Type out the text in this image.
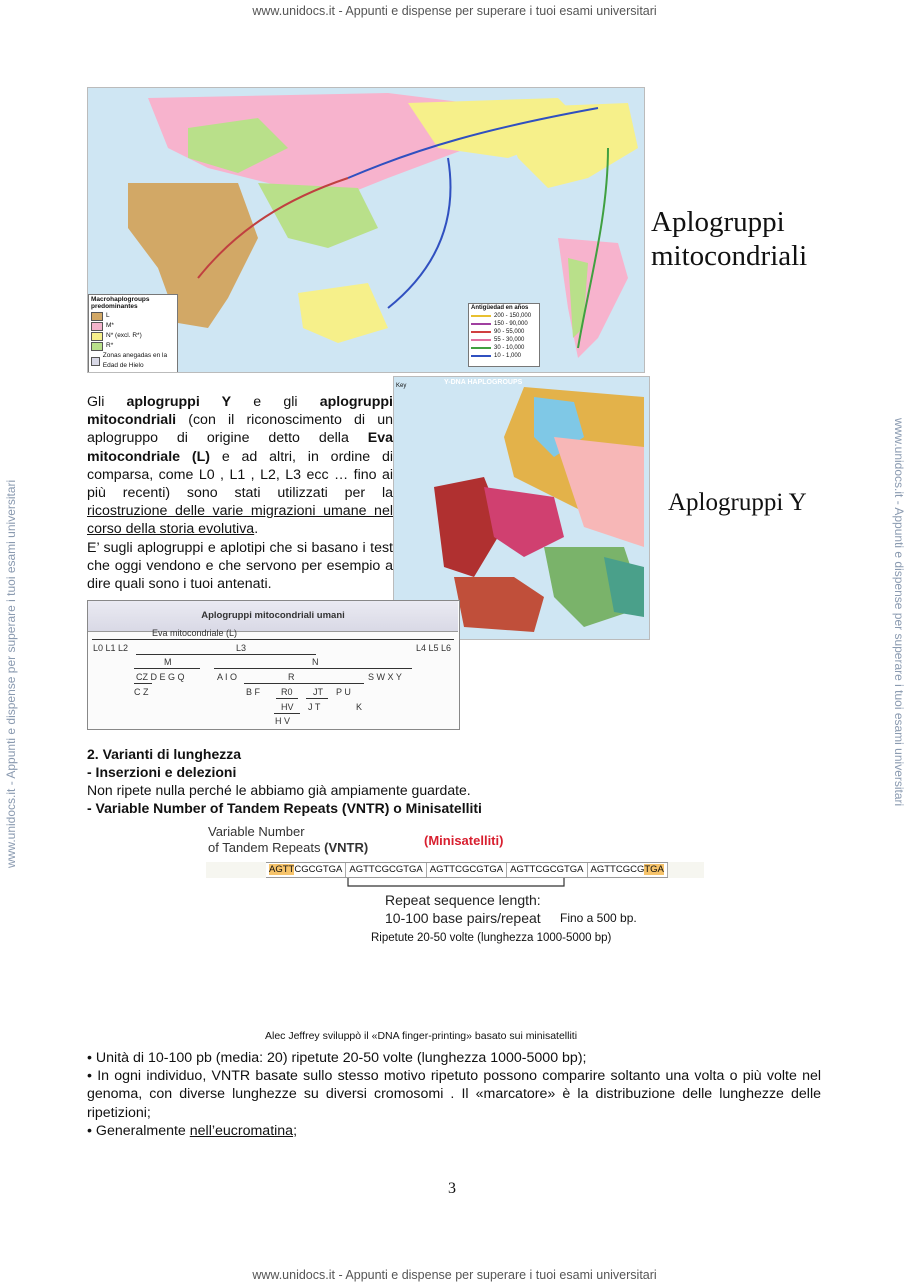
www.unidocs.it - Appunti e dispense per superare i tuoi esami universitari
www.unidocs.it - Appunti e dispense per superare i tuoi esami universitari
www.unidocs.it - Appunti e dispense per superare i tuoi esami universitari	www.unidocs.it - Appunti e dispense per superare i tuoi esami universitari
Macrohaplogroups predominantes
L
M*
N* (excl. R*)
R*
Zonas anegadas en la Edad de Hielo
Antigüedad en años
200 - 150,000
150 - 90,000
90 - 55,000
55 - 30,000
30 - 10,000
10 - 1,000
Aplogruppi mitocondriali
Y-DNA HAPLOGROUPS
Key
Aplogruppi Y
Gli aplogruppi Y e gli aplogruppi mitocondriali (con il riconoscimento di un aplogruppo di origine detto della Eva mitocondriale (L) e ad altri, in ordine di comparsa, come L0 , L1 , L2, L3 ecc … fino ai più recenti) sono stati utilizzati per la ricostruzione delle varie migrazioni umane nel corso della storia evolutiva.
E’ sugli aplogruppi e aplotipi che si basano i test che oggi vendono e che servono per esempio a dire quali sono i tuoi antenati.
Aplogruppi mitocondriali umani
Eva mitocondriale (L)
L0 L1 L2	L3	L4 L5 L6
M	N
CZ D E G Q	A I O	R	S W X Y
C Z	B F R0 JT P U
HV J T	K
H V
2. Varianti di lunghezza
- Inserzioni e delezioni
Non ripete nulla perché le abbiamo già ampiamente guardate.
- Variable Number of Tandem Repeats (VNTR) o Minisatelliti
Variable Number
of Tandem Repeats (VNTR)	(Minisatelliti)
AGTTCGCGTGA AGTTCGCGTGA AGTTCGCGTGA AGTTCGCGTGA AGTTCGCGTGA
Repeat sequence length:
10-100 base pairs/repeat Fino a 500 bp.
Ripetute 20-50 volte (lunghezza 1000-5000 bp)
Alec Jeffrey sviluppò il «DNA finger-printing» basato sui minisatelliti
• Unità di 10-100 pb (media: 20) ripetute 20-50 volte (lunghezza 1000-5000 bp);
• In ogni individuo, VNTR basate sullo stesso motivo ripetuto possono comparire soltanto una volta o più volte nel genoma, con diverse lunghezze su diversi cromosomi . Il «marcatore» è la distribuzione delle lunghezze delle ripetizioni;
• Generalmente nell’eucromatina;
3
